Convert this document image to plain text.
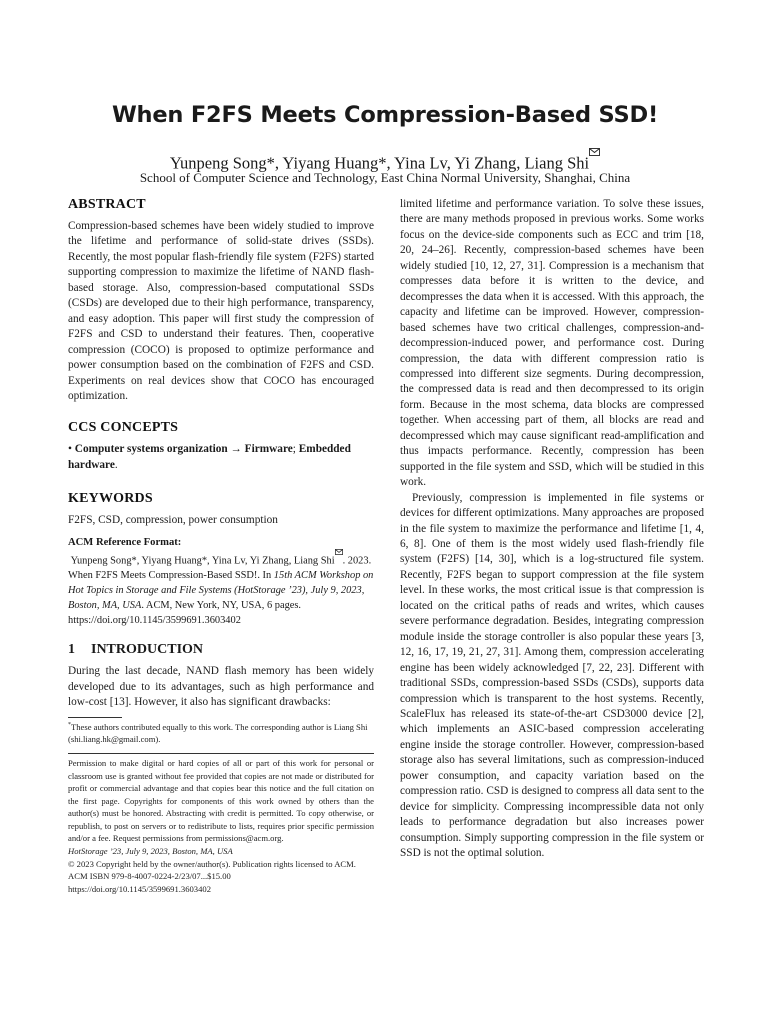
When F2FS Meets Compression-Based SSD!
Yunpeng Song*, Yiyang Huang*, Yina Lv, Yi Zhang, Liang Shi
School of Computer Science and Technology, East China Normal University, Shanghai, China
ABSTRACT

Compression-based schemes have been widely studied to improve the lifetime and performance of solid-state drives (SSDs). Recently, the most popular flash-friendly file system (F2FS) started supporting compression to maximize the lifetime of NAND flash-based storage. Also, compression-based computational SSDs (CSDs) are developed due to their high performance, transparency, and easy adoption. This paper will first study the compression of F2FS and CSD to understand their features. Then, cooperative compression (COCO) is proposed to optimize performance and power consumption based on the combination of F2FS and CSD. Experiments on real devices show that COCO has encouraged optimization.

CCS CONCEPTS

• Computer systems organization → Firmware; Embedded hardware.

KEYWORDS

F2FS, CSD, compression, power consumption

ACM Reference Format:

Yunpeng Song*, Yiyang Huang*, Yina Lv, Yi Zhang, Liang Shi . 2023. When F2FS Meets Compression-Based SSD!. In 15th ACM Workshop on Hot Topics in Storage and File Systems (HotStorage ’23), July 9, 2023, Boston, MA, USA. ACM, New York, NY, USA, 6 pages. https://doi.org/10.1145/3599691.3603402

1 INTRODUCTION

During the last decade, NAND flash memory has been widely developed due to its advantages, such as high performance and low-cost [13]. However, it also has significant drawbacks:

*These authors contributed equally to this work. The corresponding author is Liang Shi (shi.liang.hk@gmail.com).

Permission to make digital or hard copies of all or part of this work for personal or classroom use is granted without fee provided that copies are not made or distributed for profit or commercial advantage and that copies bear this notice and the full citation on the first page. Copyrights for components of this work owned by others than the author(s) must be honored. Abstracting with credit is permitted. To copy otherwise, or republish, to post on servers or to redistribute to lists, requires prior specific permission and/or a fee. Request permissions from permissions@acm.org.

HotStorage ’23, July 9, 2023, Boston, MA, USA

© 2023 Copyright held by the owner/author(s). Publication rights licensed to ACM.

ACM ISBN 979-8-4007-0224-2/23/07...$15.00

https://doi.org/10.1145/3599691.3603402

limited lifetime and performance variation. To solve these issues, there are many methods proposed in previous works. Some works focus on the device-side components such as ECC and trim [18, 20, 24–26]. Recently, compression-based schemes have been widely studied [10, 12, 27, 31]. Compression is a mechanism that compresses data before it is written to the device, and decompresses the data when it is accessed. With this approach, the capacity and lifetime can be improved. However, compression-based schemes have two critical challenges, compression-and-decompression-induced power, and performance cost. During compression, the data with different compression ratio is compressed into different size segments. During decompression, the compressed data is read and then decompressed to its origin form. Because in the most schema, data blocks are compressed together. When accessing part of them, all blocks are read and decompressed which may cause significant read-amplification and thus impacts performance. Recently, compression has been supported in the file system and SSD, which will be studied in this work.

Previously, compression is implemented in file systems or devices for different optimizations. Many approaches are proposed in the file system to maximize the performance and lifetime [1, 4, 6, 8]. One of them is the most widely used flash-friendly file system (F2FS) [14, 30], which is a log-structured file system. Recently, F2FS began to support compression at the file system level. In these works, the most critical issue is that compression is located on the critical paths of reads and writes, which causes severe performance degradation. Besides, integrating compression module inside the storage controller is also popular these years [3, 12, 16, 17, 19, 21, 27, 31]. Among them, compression accelerating engine has been widely acknowledged [7, 22, 23]. Different with traditional SSDs, compression-based SSDs (CSDs), supports data compression which is transparent to the host systems. Recently, ScaleFlux has released its state-of-the-art CSD3000 device [2], which implements an ASIC-based compression accelerating engine inside the storage controller. However, compression-based storage also has several limitations, such as compression-induced power consumption, and capacity variation based on the compression ratio. CSD is designed to compress all data sent to the device for simplicity. Compressing incompressible data not only leads to performance degradation but also increases power consumption. Simply supporting compression in the file system or SSD is not the optimal solution.
